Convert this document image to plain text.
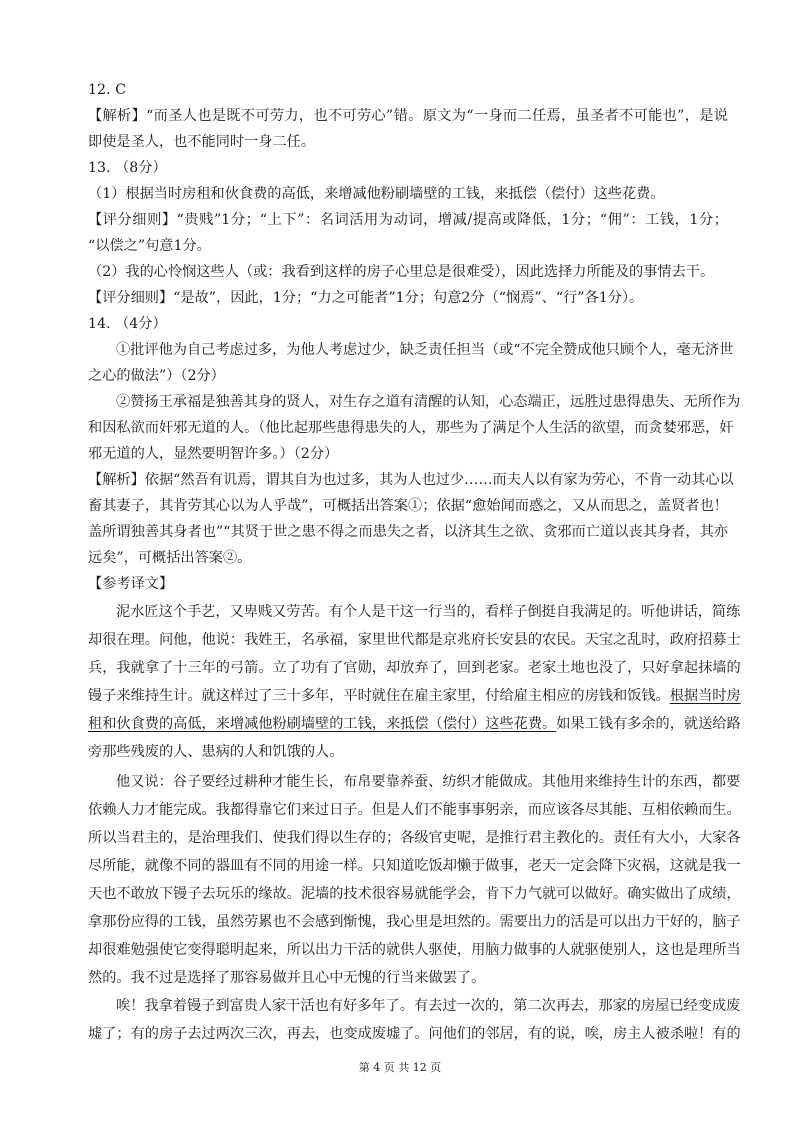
12. C
【解析】“而圣人也是既不可劳力，也不可劳心”错。原文为“一身而二任焉，虽圣者不可能也”，是说
即使是圣人，也不能同时一身二任。
13. （8分）
（1）根据当时房租和伙食费的高低，来增减他粉刷墙壁的工钱，来抵偿（偿付）这些花费。
【评分细则】“贵贱”1分；“上下”：名词活用为动词，增减/提高或降低，1分；“佣”：工钱，1分；
“以偿之”句意1分。
（2）我的心怜悯这些人（或：我看到这样的房子心里总是很难受），因此选择力所能及的事情去干。
【评分细则】“是故”，因此，1分；“力之可能者”1分；句意2分（“悯焉”、“行”各1分）。
14. （4分）
①批评他为自己考虑过多，为他人考虑过少，缺乏责任担当（或“不完全赞成他只顾个人，毫无济世
之心的做法”）（2分）
②赞扬王承福是独善其身的贤人，对生存之道有清醒的认知，心态端正，远胜过患得患失、无所作为
和因私欲而奸邪无道的人。（他比起那些患得患失的人，那些为了满足个人生活的欲望，而贪婪邪恶，奸
邪无道的人，显然要明智许多。）（2分）
【解析】依据“然吾有讥焉，谓其自为也过多，其为人也过少……而夫人以有家为劳心，不肯一动其心以
畜其妻子，其肯劳其心以为人乎哉”，可概括出答案①；依据“愈始闻而惑之，又从而思之，盖贤者也！
盖所谓独善其身者也”“其贤于世之患不得之而患失之者，以济其生之欲、贪邪而亡道以丧其身者，其亦
远矣”，可概括出答案②。
【参考译文】
泥水匠这个手艺，又卑贱又劳苦。有个人是干这一行当的，看样子倒挺自我满足的。听他讲话，简练
却很在理。问他，他说：我姓王，名承福，家里世代都是京兆府长安县的农民。天宝之乱时，政府招募士
兵，我就拿了十三年的弓箭。立了功有了官勋，却放弃了，回到老家。老家土地也没了，只好拿起抹墙的
镘子来维持生计。就这样过了三十多年，平时就住在雇主家里，付给雇主相应的房钱和饭钱。根据当时房
租和伙食费的高低，来增减他粉刷墙壁的工钱，来抵偿（偿付）这些花费。如果工钱有多余的，就送给路
旁那些残废的人、患病的人和饥饿的人。
他又说：谷子要经过耕种才能生长，布帛要靠养蚕、纺织才能做成。其他用来维持生计的东西，都要
依赖人力才能完成。我都得靠它们来过日子。但是人们不能事事躬亲，而应该各尽其能、互相依赖而生。
所以当君主的，是治理我们、使我们得以生存的；各级官吏呢，是推行君主教化的。责任有大小，大家各
尽所能，就像不同的器皿有不同的用途一样。只知道吃饭却懒于做事，老天一定会降下灾祸，这就是我一
天也不敢放下镘子去玩乐的缘故。泥墙的技术很容易就能学会，肯下力气就可以做好。确实做出了成绩，
拿那份应得的工钱，虽然劳累也不会感到惭愧，我心里是坦然的。需要出力的活是可以出力干好的，脑子
却很难勉强使它变得聪明起来，所以出力干活的就供人驱使，用脑力做事的人就驱使别人，这也是理所当
然的。我不过是选择了那容易做并且心中无愧的行当来做罢了。
唉！我拿着镘子到富贵人家干活也有好多年了。有去过一次的，第二次再去，那家的房屋已经变成废
墟了；有的房子去过两次三次，再去，也变成废墟了。问他们的邻居，有的说，唉，房主人被杀啦！有的
第 4 页 共 12 页
